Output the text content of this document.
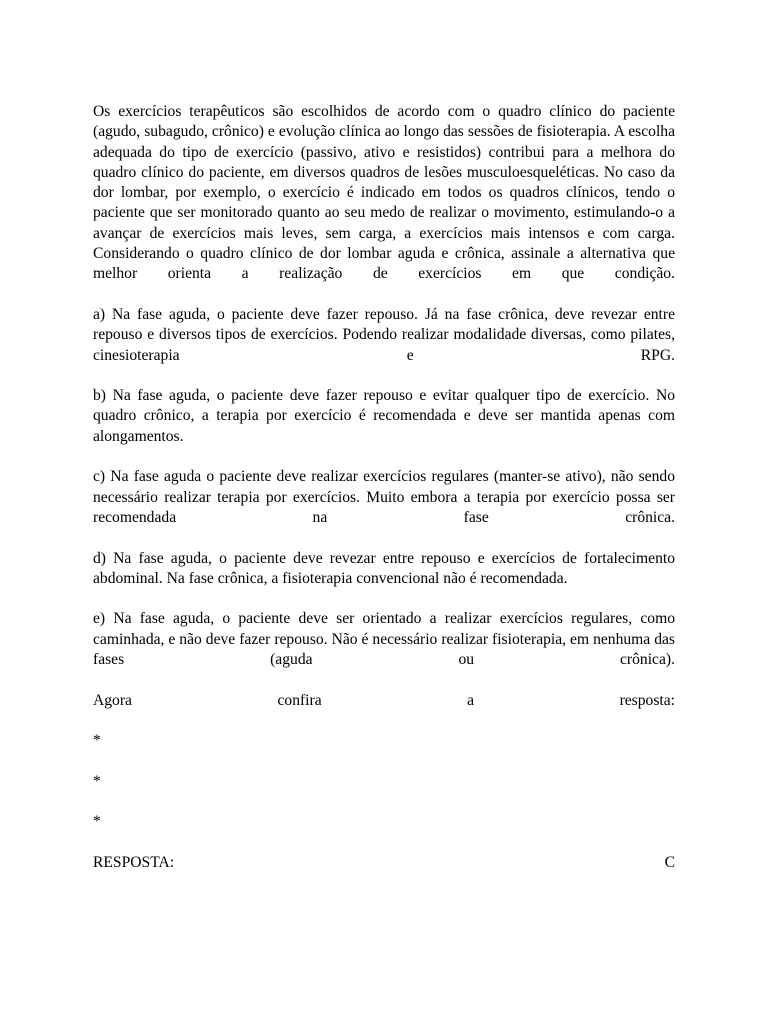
Os exercícios terapêuticos são escolhidos de acordo com o quadro clínico do paciente (agudo, subagudo, crônico) e evolução clínica ao longo das sessões de fisioterapia. A escolha adequada do tipo de exercício (passivo, ativo e resistidos) contribui para a melhora do quadro clínico do paciente, em diversos quadros de lesões musculoesqueléticas. No caso da dor lombar, por exemplo, o exercício é indicado em todos os quadros clínicos, tendo o paciente que ser monitorado quanto ao seu medo de realizar o movimento, estimulando-o a avançar de exercícios mais leves, sem carga, a exercícios mais intensos e com carga. Considerando o quadro clínico de dor lombar aguda e crônica, assinale a alternativa que melhor orienta a realização de exercícios em que condição.

a) Na fase aguda, o paciente deve fazer repouso. Já na fase crônica, deve revezar entre repouso e diversos tipos de exercícios. Podendo realizar modalidade diversas, como pilates, cinesioterapia e RPG.

b) Na fase aguda, o paciente deve fazer repouso e evitar qualquer tipo de exercício. No quadro crônico, a terapia por exercício é recomendada e deve ser mantida apenas com alongamentos.

c) Na fase aguda o paciente deve realizar exercícios regulares (manter-se ativo), não sendo necessário realizar terapia por exercícios. Muito embora a terapia por exercício possa ser recomendada na fase crônica.

d) Na fase aguda, o paciente deve revezar entre repouso e exercícios de fortalecimento abdominal. Na fase crônica, a fisioterapia convencional não é recomendada.

e) Na fase aguda, o paciente deve ser orientado a realizar exercícios regulares, como caminhada, e não deve fazer repouso. Não é necessário realizar fisioterapia, em nenhuma das fases (aguda ou crônica).

Agora confira a resposta:

*

*

*

RESPOSTA:	C
